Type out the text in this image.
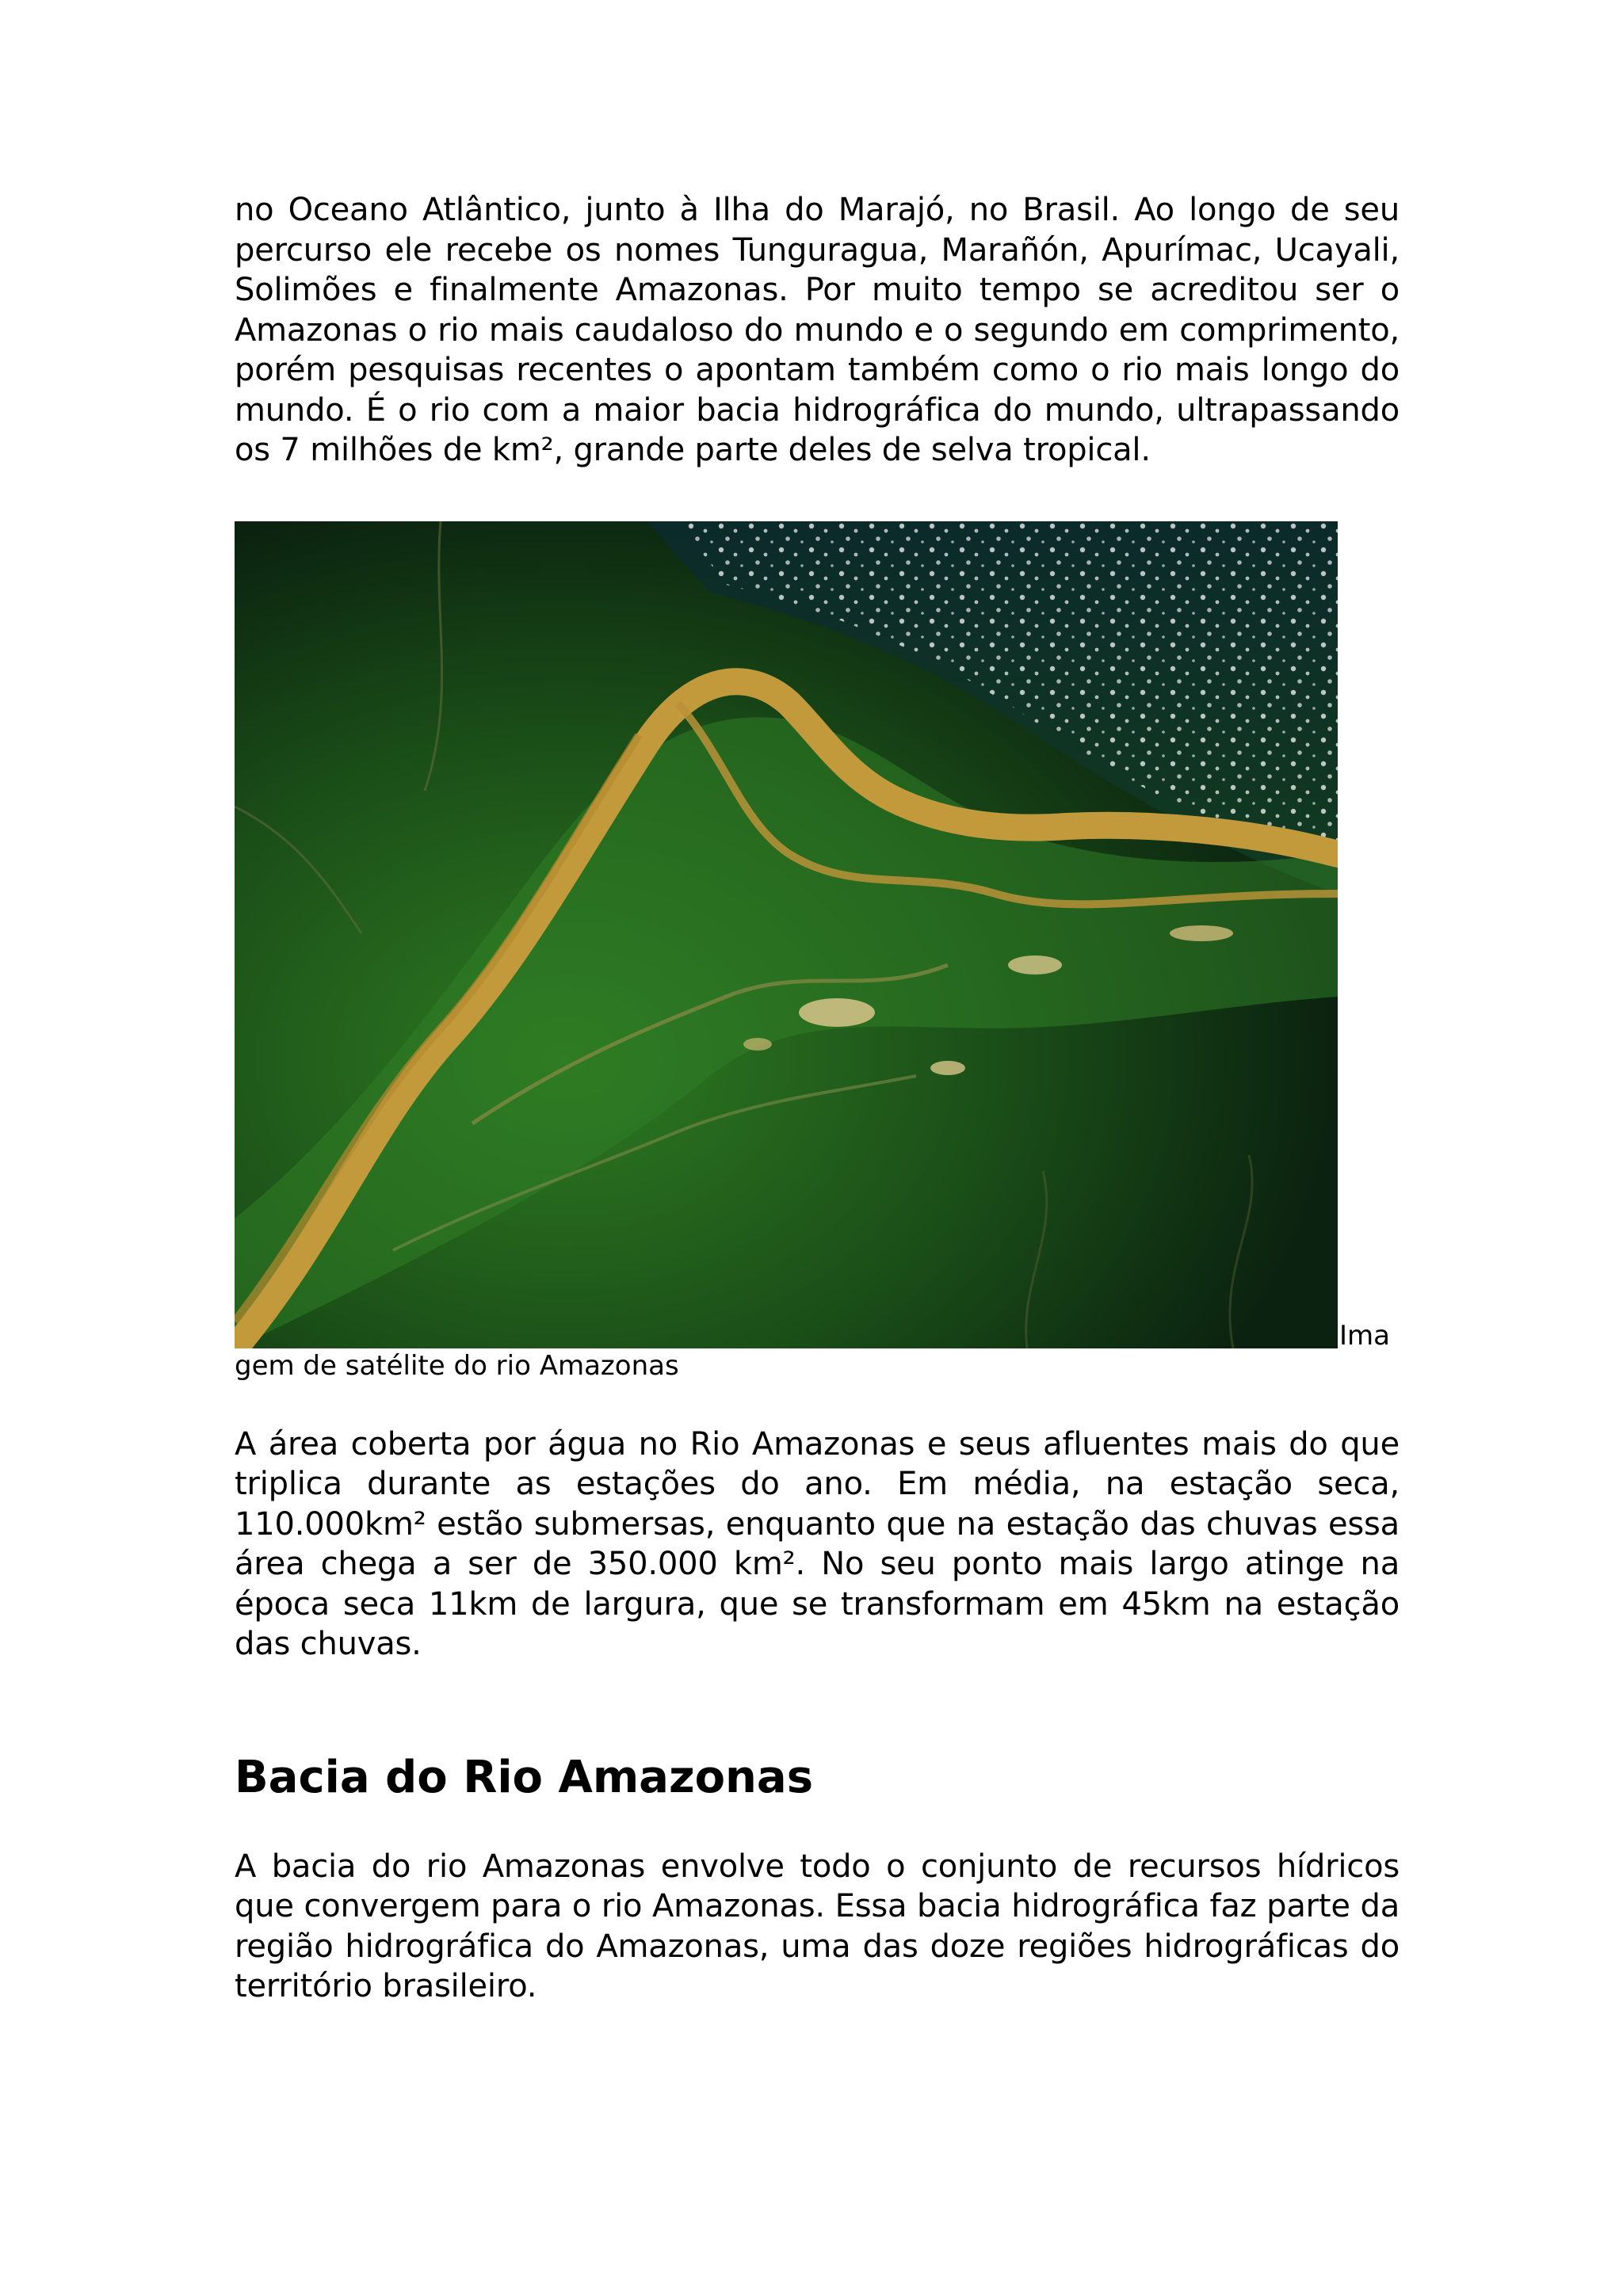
no Oceano Atlântico, junto à Ilha do Marajó, no Brasil. Ao longo de seu percurso ele recebe os nomes Tunguragua, Marañón, Apurímac, Ucayali, Solimões e finalmente Amazonas. Por muito tempo se acreditou ser o Amazonas o rio mais caudaloso do mundo e o segundo em comprimento, porém pesquisas recentes o apontam também como o rio mais longo do mundo. É o rio com a maior bacia hidrográfica do mundo, ultrapassando os 7 milhões de km², grande parte deles de selva tropical.

Ima
gem de satélite do rio Amazonas

A área coberta por água no Rio Amazonas e seus afluentes mais do que triplica durante as estações do ano. Em média, na estação seca, 110.000km² estão submersas, enquanto que na estação das chuvas essa área chega a ser de 350.000 km². No seu ponto mais largo atinge na época seca 11km de largura, que se transformam em 45km na estação das chuvas.

Bacia do Rio Amazonas

A bacia do rio Amazonas envolve todo o conjunto de recursos hídricos que convergem para o rio Amazonas. Essa bacia hidrográfica faz parte da região hidrográfica do Amazonas, uma das doze regiões hidrográficas do território brasileiro.
